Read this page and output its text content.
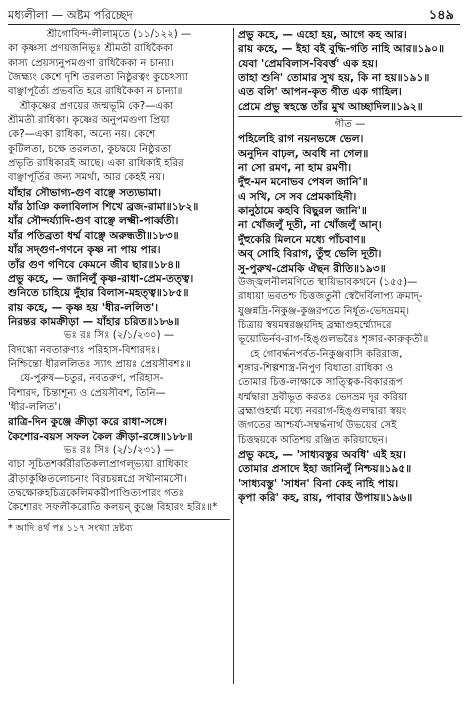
মধ্যলীলা — অষ্টম পরিচ্ছেদ	১৪৯
শ্রীগোবিন্দ-লীলামৃতে (১১/১২২) —
কা কৃষ্ণস্য প্রণয়জনিভূঃ শ্রীমতী রাধিকৈকা
কাস্য প্রেয়স্যনুপমগুণা রাধিকৈকা ন চান্যা।
জৈহ্ম্যং কেশে দৃশি তরলতা নিষ্ঠুরত্বং কুচেঽস্যা
বাঞ্ছাপূর্ত্যৈ প্রভবতি হরে রাধিকৈকা ন চান্যা॥
শ্রীকৃষ্ণের প্রণয়ের জন্মভূমি কে?—একা
শ্রীমতী রাধিকা। কৃষ্ণের অনুপমগুণা প্রিয়া
কে?—একা রাধিকা, অন্যে নয়। কেশে
কুটিলতা, চক্ষে তরলতা, কুচদ্বয়ে নিষ্ঠুরতা
প্রভৃতি রাধিকারই আছে। একা রাধিকাই হরির
বাঞ্ছাপূর্তির জন্য সমর্থা, আর কেহই নয়।
যাঁহার সৌভাগ্য-গুণ বাঞ্ছে সত্যভামা।
যাঁর ঠাঞি কলাবিলাস শিখে ব্রজ-রামা॥১৮২॥
যাঁর সৌন্দর্য্যাদি-গুণ বাঞ্ছে লক্ষ্মী-পার্ব্বতী।
যাঁর পতিব্রতা ধর্ম্ম বাঞ্ছে অরুন্ধতী॥১৮৩॥
যাঁর সদ্গুণ-গণনে কৃষ্ণ না পায় পার।
তাঁর গুণ গণিবে কেমনে জীব ছার॥১৮৪॥
প্রভু কহে, — জানিলুঁ কৃষ্ণ-রাধা-প্রেম-তত্ত্ব।
শুনিতে চাহিয়ে দুঁহার বিলাস-মহত্ত্ব॥১৮৫॥
রায় কহে, — কৃষ্ণ হয় 'ধীর-ললিত'।
নিরন্তর কামক্রীড়া — যাঁহার চরিত॥১৮৬॥
ভঃ রঃ সিঃ (২/১/২৩০) —
বিদগ্ধো নবতারুণ্যঃ পরিহাস-বিশারদঃ।
নিশ্চিন্তো ধীরললিতঃ স্যাৎ প্রায়ঃ প্রেয়সীবশঃ॥
যে-পুরুষ—চতুর, নবতরুণ, পরিহাস-
বিশারদ, চিন্তাশূন্য ও প্রেয়সীবশ, তিনি—
'ধীর-ললিত'।
রাত্রি-দিন কুঞ্জে ক্রীড়া করে রাধা-সঙ্গে।
কৈশোর-বয়স সফল কৈল ক্রীড়া-রঙ্গে॥১৮৮॥
ভঃ রঃ সিঃ (২/১/২৩১) —
বাচা সূচিতশর্ব্বরীরতিকলাপ্রাগল্ভ্যয়া রাধিকাং
ব্রীড়াকুঞ্চিতলোচনাং বিরচয়ন্নগ্রে সখীনামসৌ।
তদ্বক্ষোরুহচিত্রকেলিমকরীপাণ্ডিত্যপারং গতঃ
কৈশোরং সফলীকরোতি কলয়ন্ কুঞ্জে বিহারং হরিঃ॥*
* আদি ৪র্থ পঃ ১১৭ সংখ্যা দ্রষ্টব্য
প্রভু কহে, — এহো হয়, আগে কহ আর।
রায় কহে, — ইহা বই বুদ্ধি-গতি নাহি আর॥১৯০॥
যেবা 'প্রেমবিলাস-বিবর্ত্ত' এক হয়।
তাহা শুনি' তোমার সুখ হয়, কি না হয়॥১৯১॥
এত বলি' আপন-কৃত গীত এক গাহিল।
প্রেমে প্রভু স্বহস্তে তাঁর মুখ আচ্ছাদিল॥১৯২॥
গীত —
পহিলেহি রাগ নয়নভঙ্গে ভেল।
অনুদিন বাঢ়ল, অবধি না গেল॥
না সো রমণ, না হাম রমণী।
দুঁহু-মন মনোভব পেষল জানি'॥
এ সখি, সে সব প্রেমকাহিনী।
কানুঠামে কহবি বিছুরল জানি'॥
না খোঁজলুঁ দূতী, না খোঁজলুঁ আন্।
দুঁহুকেরি মিলনে মধ্যে পাঁচবাণ॥
অব্ সোহি বিরাগ, তুঁহু ভেলি দূতী।
সু-পুরুখ-প্রেমকি ঐছন রীতি॥১৯৩॥
উজ্জ্বলনীলমণিতে স্থায়িভাবকথনে (১৫৫)—
রাধায়া ভবতশ্চ চিত্তজতুনী স্বেদৈর্বিলাপ্য ক্রমাদ্-
যুঞ্জন্নদ্রি-নিকুঞ্জ-কুঞ্জরপতে নির্ধূত-ভেদভ্রমম্।
চিত্রায় স্বয়মন্বরঞ্জয়দিহ ব্রহ্মাণ্ডহর্ম্ম্যোদরে
ভূয়োভির্নব-রাগ-হিঙ্গুলভরৈঃ শৃঙ্গার-কারুকৃতী॥
হে গোবর্দ্ধনপর্বত-নিকুঞ্জবাসি করিরাজ,
শৃঙ্গার-শিল্পশাস্ত্র-নিপুণ বিধাতা রাধিকা ও
তোমার চিত্ত-লাক্ষাকে সাত্ত্বিক-বিকাররূপ
ধর্ম্মদ্বারা দ্রবীভূত করতঃ ভেদভ্রম দূর করিয়া
ব্রহ্মাণ্ডহর্ম্ম্য মধ্যে নবরাগ-হিঙ্গুলদ্বারা স্বয়ং
জগতের আশ্চর্য্য-সম্বর্দ্ধনার্থ উভয়ের সেই
চিত্তদ্বয়কে অতিশয় রঞ্জিত করিয়াছেন।
প্রভু কহে, — 'সাধ্যবস্তুর অবধি' এই হয়।
তোমার প্রসাদে ইহা জানিলুঁ নিশ্চয়॥১৯৫॥
'সাধ্যবস্তু' 'সাধন' বিনা কেহ নাহি পায়।
কৃপা করি' কহ, রায়, পাবার উপায়॥১৯৬॥
